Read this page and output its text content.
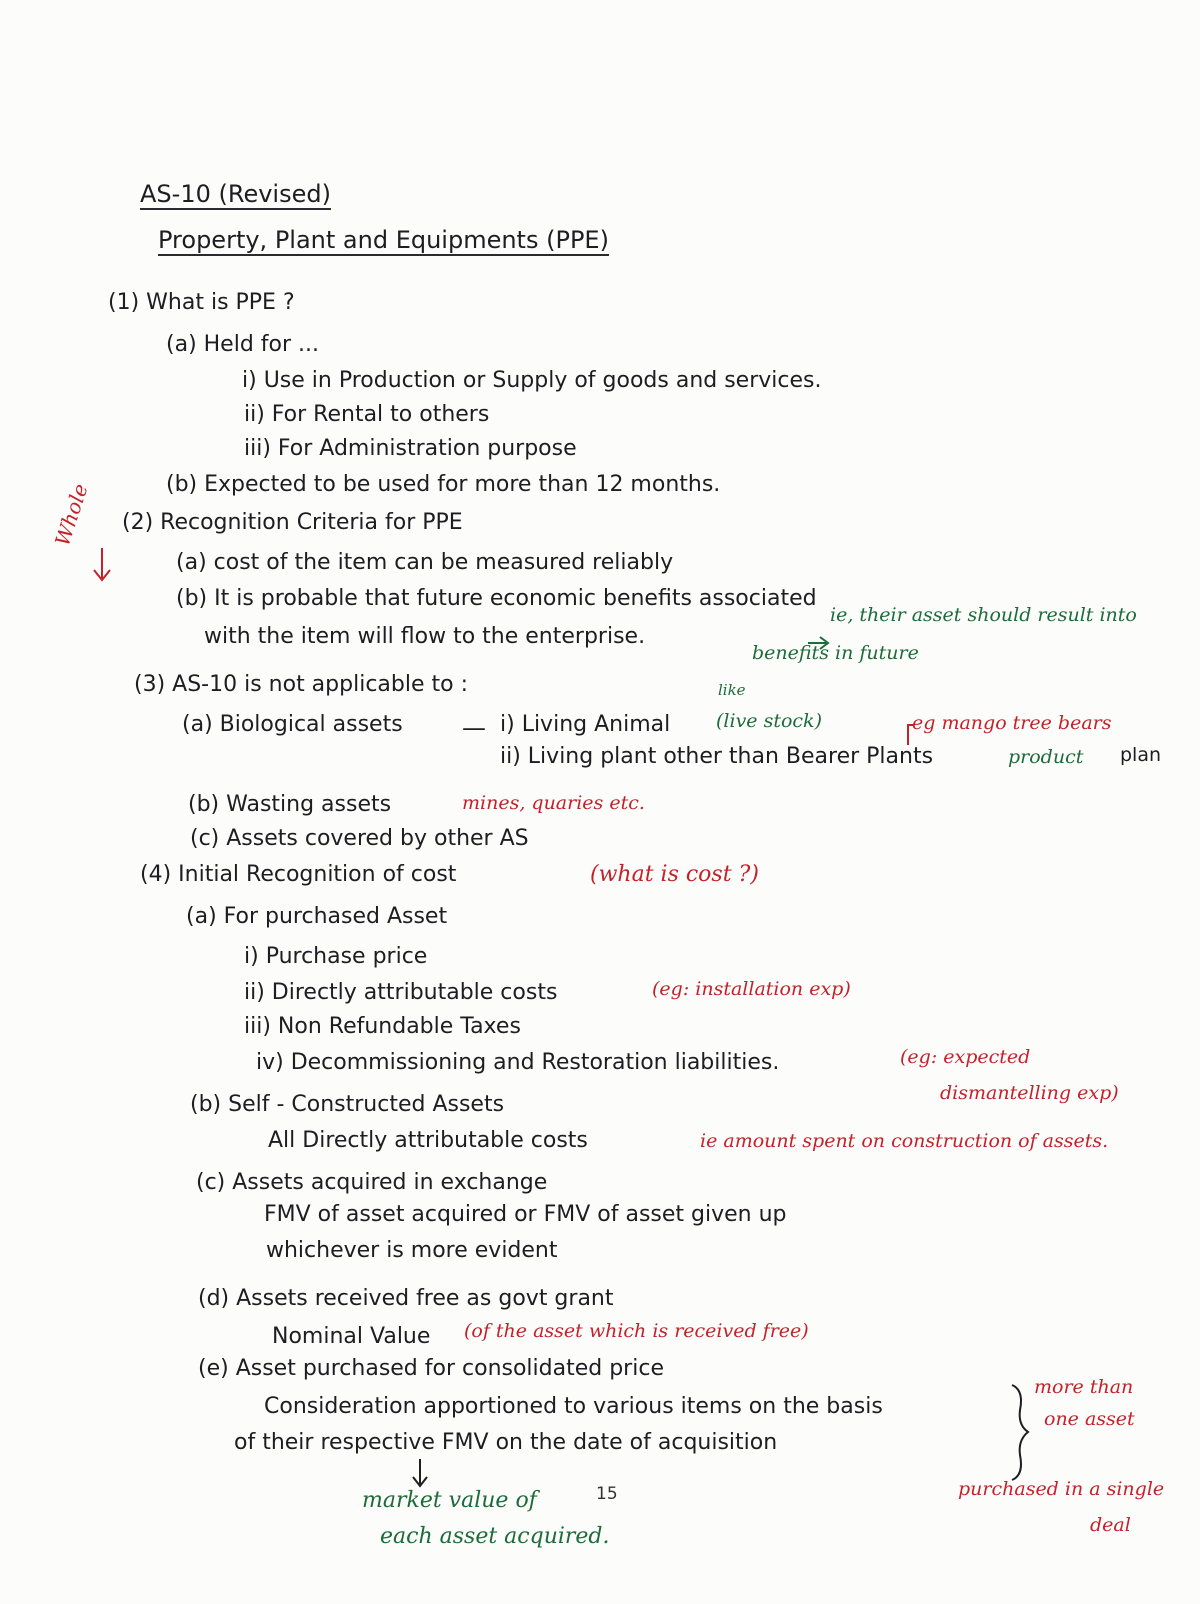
AS-10 (Revised)
Property, Plant and Equipments (PPE)
(1) What is PPE ?
(a) Held for ...
i) Use in Production or Supply of goods and services.
ii) For Rental to others
iii) For Administration purpose
(b) Expected to be used for more than 12 months.
Whole (2) Recognition Criteria for PPE
(a) cost of the item can be measured reliably
(b) It is probable that future economic benefits associated
with the item will flow to the enterprise.
ie, their asset should result into
benefits in future
(3) AS-10 is not applicable to :
(a) Biological assets — i) Living Animal (live stock)
like
ii) Living plant other than Bearer Plants
eg mango tree bears
product plan
(b) Wasting assets	mines, quaries etc.
(c) Assets covered by other AS
(4) Initial Recognition of cost	(what is cost ?)
(a) For purchased Asset
i) Purchase price
ii) Directly attributable costs	(eg: installation exp)
iii) Non Refundable Taxes
iv) Decommissioning and Restoration liabilities.	(eg: expected
dismantelling exp)
(b) Self - Constructed Assets
All Directly attributable costs	ie amount spent on construction of assets.
(c) Assets acquired in exchange
FMV of asset acquired or FMV of asset given up
whichever is more evident
(d) Assets received free as govt grant
Nominal Value (of the asset which is received free)
(e) Asset purchased for consolidated price
Consideration apportioned to various items on the basis
of their respective FMV on the date of acquisition
market value of
each asset acquired.
more than
one asset
purchased in a single
deal
15
